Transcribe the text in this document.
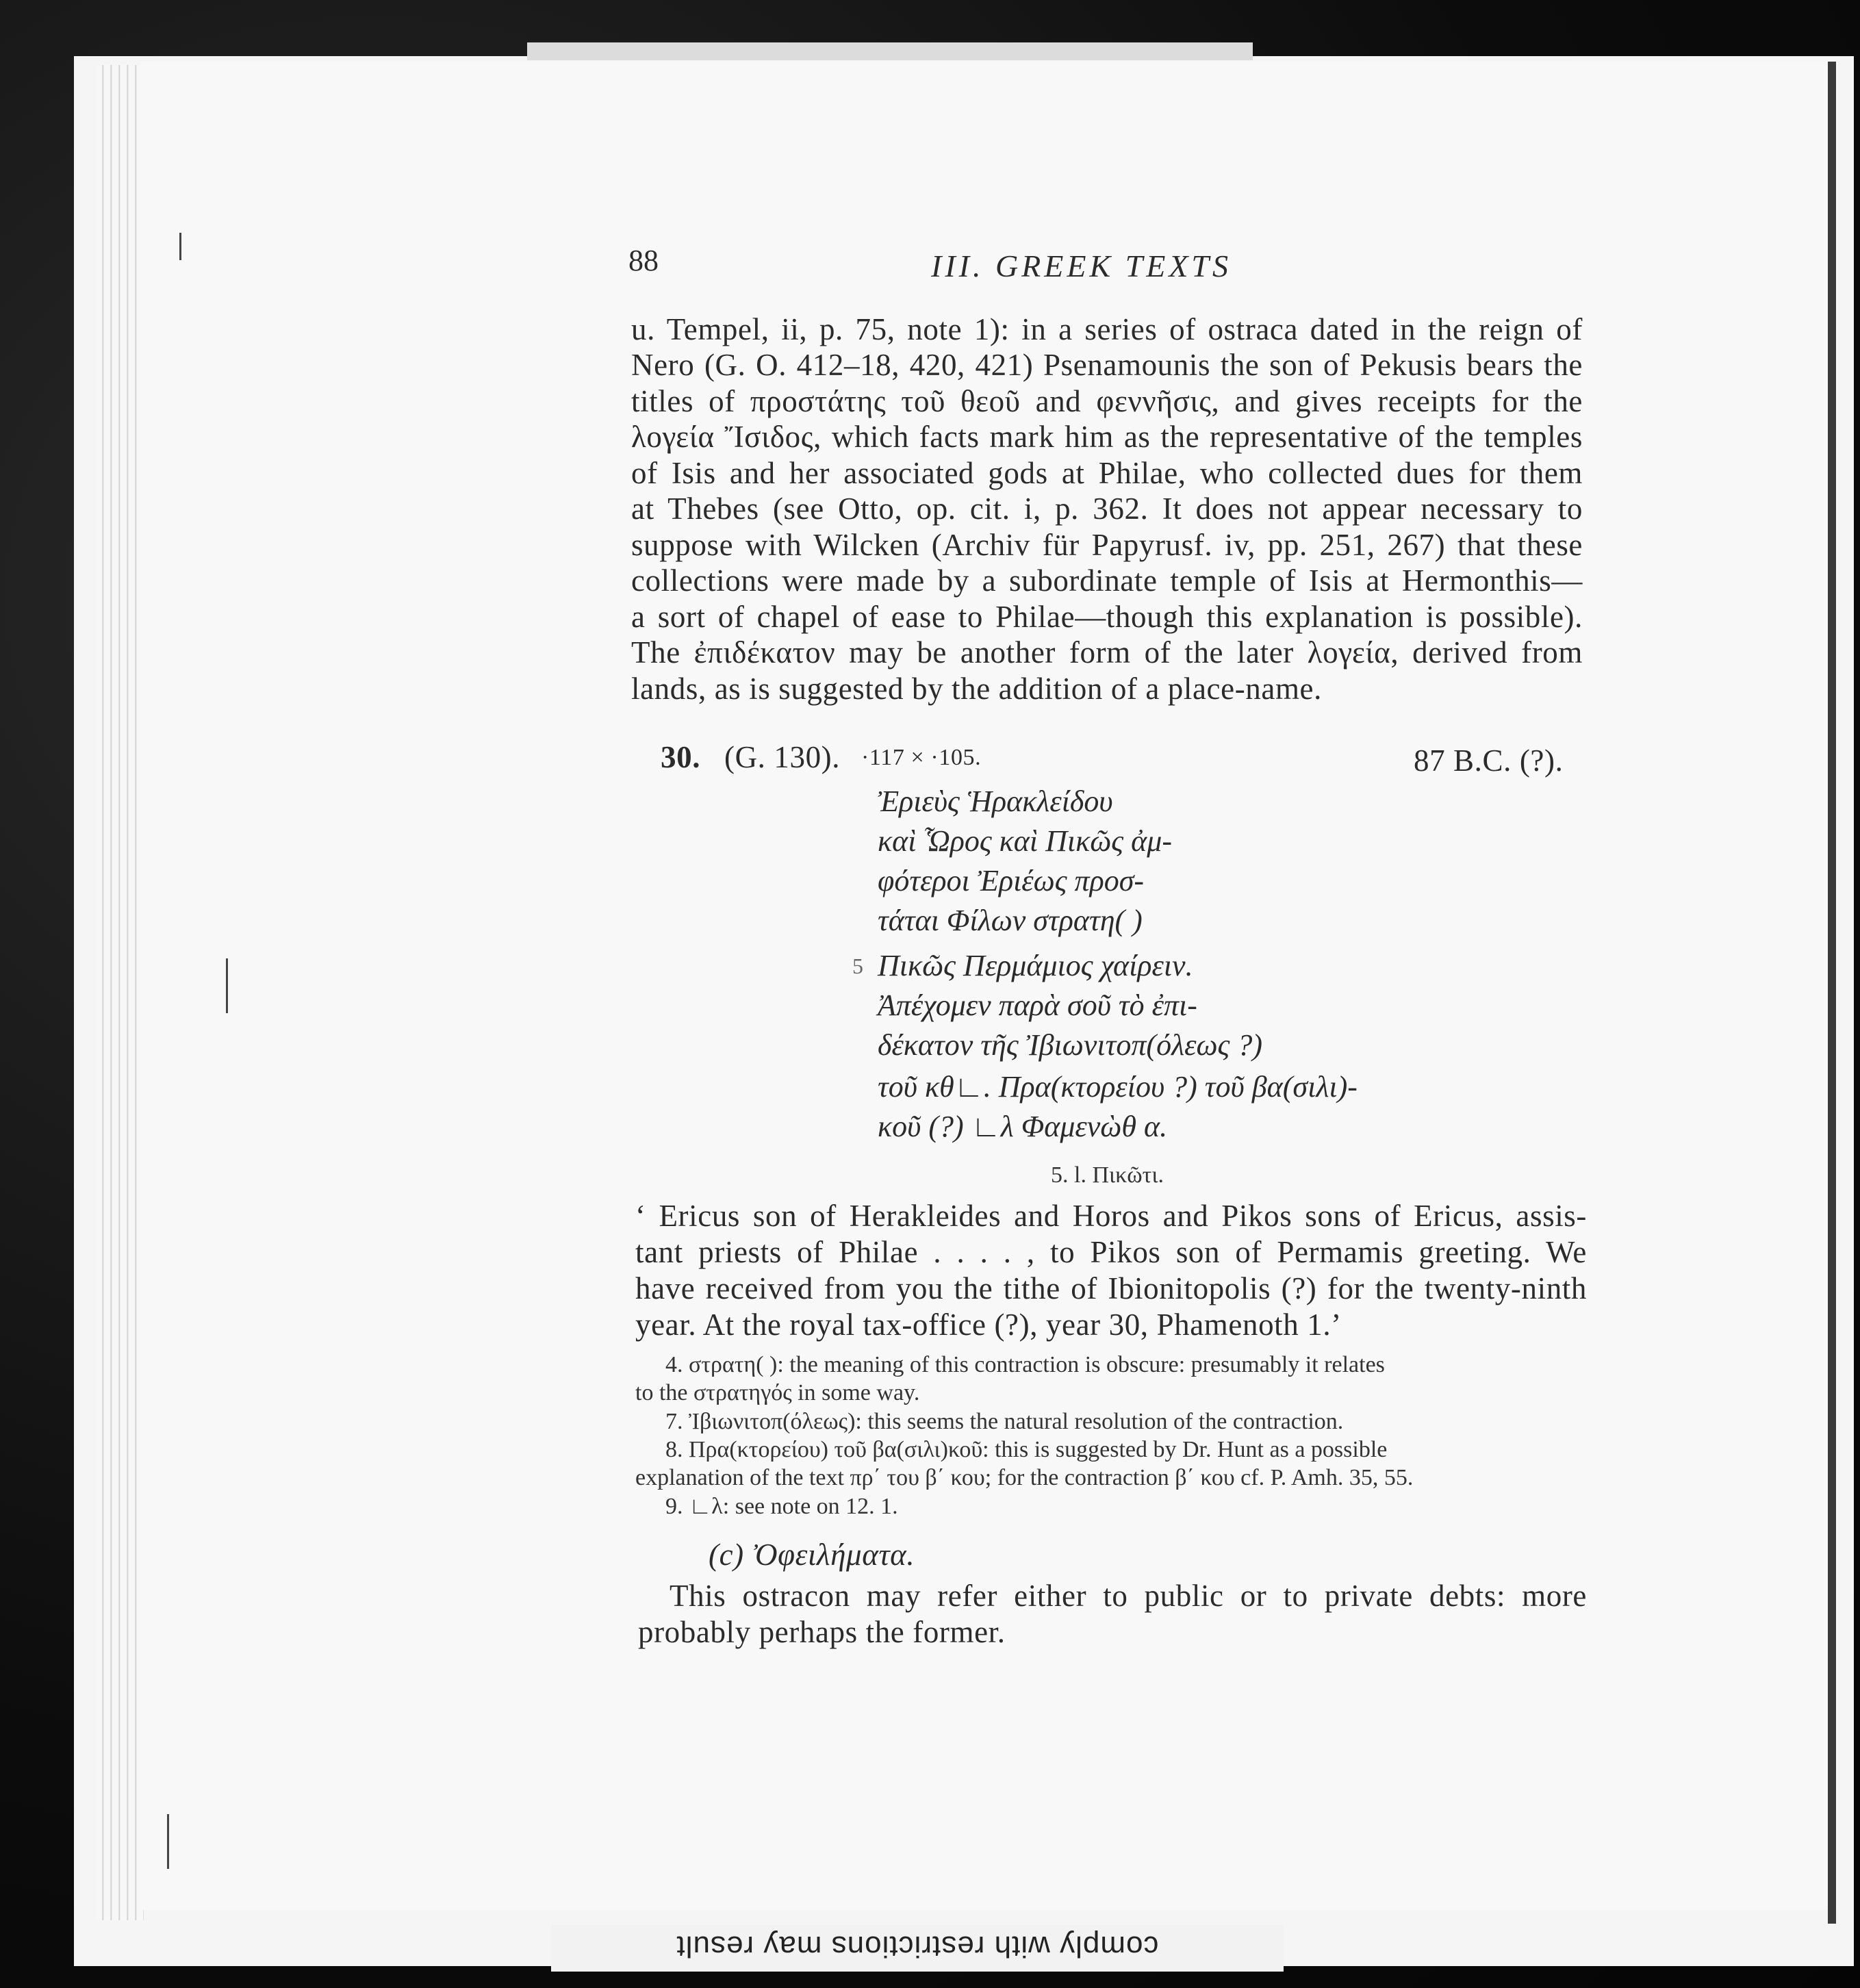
88	III. GREEK TEXTS
u. Tempel, ii, p. 75, note 1): in a series of ostraca dated in the reign of
Nero (G. O. 412–18, 420, 421) Psenamounis the son of Pekusis bears the
titles of προστάτης τοῦ θεοῦ and φεννῆσις, and gives receipts for the
λογεία Ἴσιδος, which facts mark him as the representative of the temples
of Isis and her associated gods at Philae, who collected dues for them
at Thebes (see Otto, op. cit. i, p. 362. It does not appear necessary to
suppose with Wilcken (Archiv für Papyrusf. iv, pp. 251, 267) that these
collections were made by a subordinate temple of Isis at Hermonthis—
a sort of chapel of ease to Philae—though this explanation is possible).
The ἐπιδέκατον may be another form of the later λογεία, derived from
lands, as is suggested by the addition of a place-name.
30. (G. 130). ·117 × ·105.	87 B.C. (?).
Ἐριεὺς Ἡρακλείδου
καὶ Ὧρος καὶ Πικῶς ἀμ-
φότεροι Ἐριέως προσ-
τάται Φίλων στρατη( )
5 Πικῶς Περμάμιος χαίρειν.
Ἀπέχομεν παρὰ σοῦ τὸ ἐπι-
δέκατον τῆς Ἰβιωνιτοπ(όλεως ?)
τοῦ κθ∟. Πρα(κτορείου ?) τοῦ βα(σιλι)-
κοῦ (?) ∟λ Φαμενὼθ α.
5. l. Πικῶτι.
‘ Ericus son of Herakleides and Horos and Pikos sons of Ericus, assis-
tant priests of Philae . . . . , to Pikos son of Permamis greeting. We
have received from you the tithe of Ibionitopolis (?) for the twenty-ninth
year. At the royal tax-office (?), year 30, Phamenoth 1.’
4. στρατη( ): the meaning of this contraction is obscure: presumably it relates
to the στρατηγός in some way.
7. Ἰβιωνιτοπ(όλεως): this seems the natural resolution of the contraction.
8. Πρα(κτορείου) τοῦ βα(σιλι)κοῦ: this is suggested by Dr. Hunt as a possible
explanation of the text πρ΄ του β΄ κου; for the contraction β΄ κου cf. P. Amh. 35, 55.
9. ∟λ: see note on 12. 1.
(c) Ὀφειλήματα.
This ostracon may refer either to public or to private debts: more
probably perhaps the former.
comply with restrictions may result
